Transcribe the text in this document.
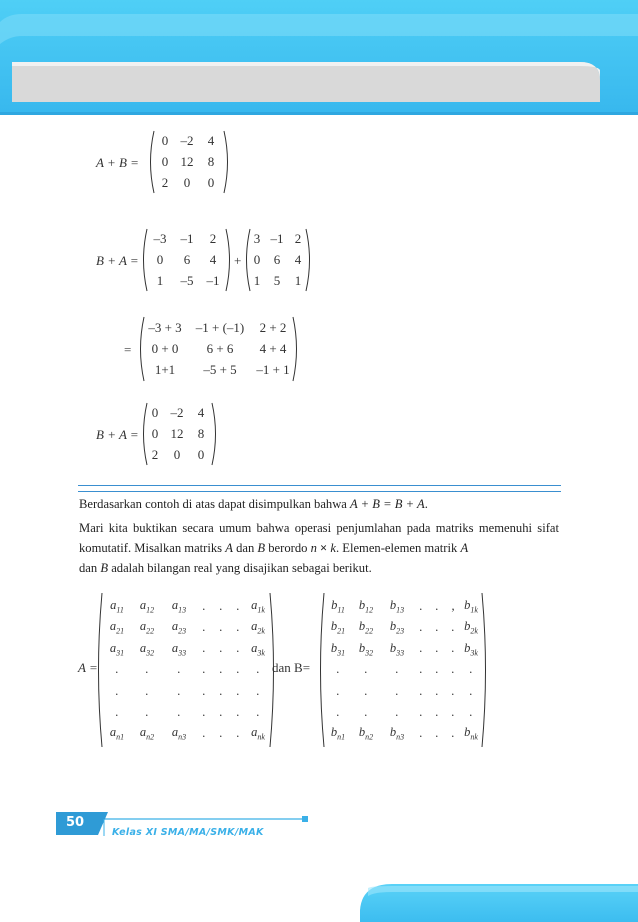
A + B =
0 –2	4
0 12	8
2	0	0
B + A =
–3	–1	2
0	6	4
1	–5	–1
+
3 –1 2
0	6	4
1	5	1
=
–3 + 3	–1 + (–1)	2 + 2
0 + 0	6 + 6	4 + 4
1+1	–5 + 5	–1 + 1
B + A =
0 –2	4
0 12	8
2	0	0
Berdasarkan contoh di atas dapat disimpulkan bahwa A + B = B + A.
Mari kita buktikan secara umum bahwa operasi penjumlahan pada matriks memenuhi sifat komutatif. Misalkan matriks A dan B berordo n × k. Elemen-elemen matrik A

dan B adalah bilangan real yang disajikan sebagai berikut.
A =
$a_{11}$	$a_{12}$	$a_{13}$	.	.	. $a_{1k}$
$a_{21}$	$a_{22}$	$a_{23}$	.	.	. $a_{2k}$
$a_{31}$	$a_{32}$	$a_{33}$	.	.	. $a_{3k}$
.	.	.	.	.	.	.
.	.	.	.	.	.	.
.	.	.	.	.	.	.
$a_{n1}$	$a_{n2}$	$a_{n3}$	.	.	. $a_{nk}$
dan B=
$b_{11}$	$b_{12}$	$b_{13}$	.	.	, $b_{1k}$
$b_{21}$	$b_{22}$	$b_{23}$	.	.	. $b_{2k}$
$b_{31}$	$b_{32}$	$b_{33}$	.	.	. $b_{3k}$
.	.	.	.	.	.	.
.	.	.	.	.	.	.
.	.	.	.	.	.	.
$b_{n1}$	$b_{n2}$	$b_{n3}$	.	.	. $b_{nk}$
50
Kelas XI SMA/MA/SMK/MAK
